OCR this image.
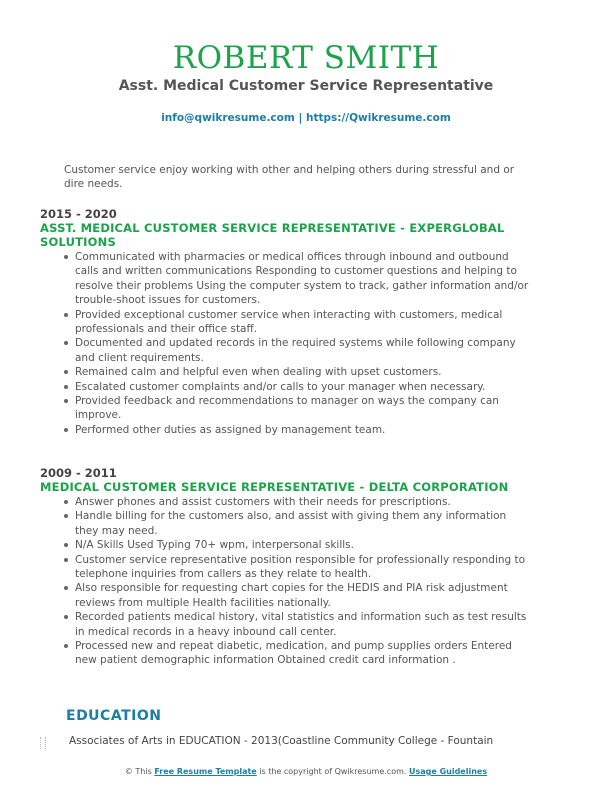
ROBERT SMITH
Asst. Medical Customer Service Representative
info@qwikresume.com | https://Qwikresume.com
Customer service enjoy working with other and helping others during stressful and or dire needs.
2015 - 2020
ASST. MEDICAL CUSTOMER SERVICE REPRESENTATIVE - EXPERGLOBAL SOLUTIONS
Communicated with pharmacies or medical offices through inbound and outbound calls and written communications Responding to customer questions and helping to resolve their problems Using the computer system to track, gather information and/or trouble-shoot issues for customers.
Provided exceptional customer service when interacting with customers, medical professionals and their office staff.
Documented and updated records in the required systems while following company and client requirements.
Remained calm and helpful even when dealing with upset customers.
Escalated customer complaints and/or calls to your manager when necessary.
Provided feedback and recommendations to manager on ways the company can improve.
Performed other duties as assigned by management team.
2009 - 2011
MEDICAL CUSTOMER SERVICE REPRESENTATIVE - DELTA CORPORATION
Answer phones and assist customers with their needs for prescriptions.
Handle billing for the customers also, and assist with giving them any information they may need.
N/A Skills Used Typing 70+ wpm, interpersonal skills.
Customer service representative position responsible for professionally responding to telephone inquiries from callers as they relate to health.
Also responsible for requesting chart copies for the HEDIS and PIA risk adjustment reviews from multiple Health facilities nationally.
Recorded patients medical history, vital statistics and information such as test results in medical records in a heavy inbound call center.
Processed new and repeat diabetic, medication, and pump supplies orders Entered new patient demographic information Obtained credit card information .
EDUCATION
Associates of Arts in EDUCATION - 2013(Coastline Community College - Fountain
© This Free Resume Template is the copyright of Qwikresume.com. Usage Guidelines
